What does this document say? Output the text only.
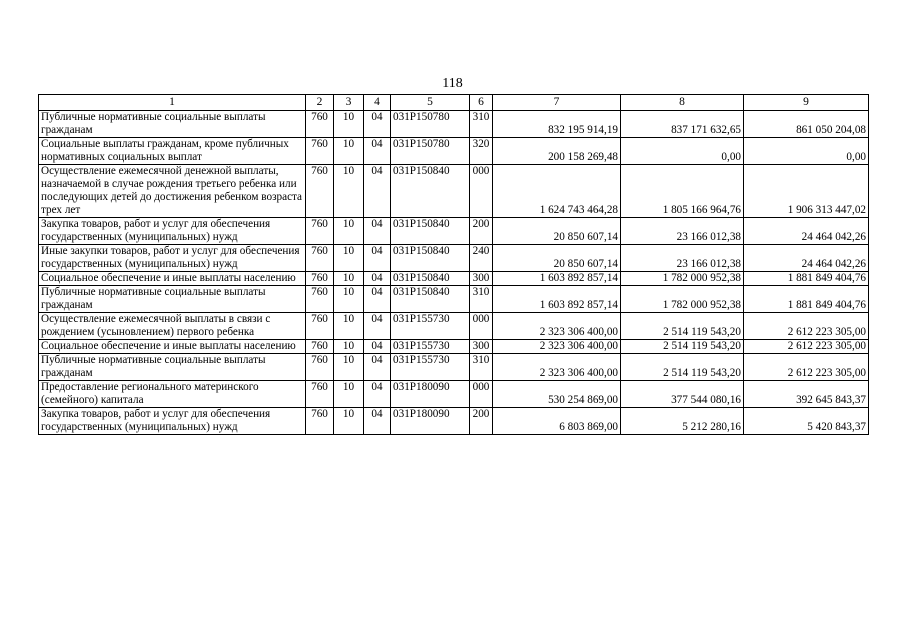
118
1	2	3	4	5	6	7	8	9
Публичные нормативные социальные выплаты гражданам	760	10	04	031Р150780	310	832 195 914,19	837 171 632,65	861 050 204,08
Социальные выплаты гражданам, кроме публичных нормативных социальных выплат	760	10	04	031Р150780	320	200 158 269,48	0,00	0,00
Осуществление ежемесячной денежной выплаты, назначаемой в случае рождения третьего ребенка или последующих детей до достижения ребенком возраста трех лет	760	10	04	031Р150840	000	1 624 743 464,28	1 805 166 964,76	1 906 313 447,02
Закупка товаров, работ и услуг для обеспечения государственных (муниципальных) нужд	760	10	04	031Р150840	200	20 850 607,14	23 166 012,38	24 464 042,26
Иные закупки товаров, работ и услуг для обеспечения государственных (муниципальных) нужд	760	10	04	031Р150840	240	20 850 607,14	23 166 012,38	24 464 042,26
Социальное обеспечение и иные выплаты населению	760	10	04	031Р150840	300	1 603 892 857,14	1 782 000 952,38	1 881 849 404,76
Публичные нормативные социальные выплаты гражданам	760	10	04	031Р150840	310	1 603 892 857,14	1 782 000 952,38	1 881 849 404,76
Осуществление ежемесячной выплаты в связи с рождением (усыновлением) первого ребенка	760	10	04	031Р155730	000	2 323 306 400,00	2 514 119 543,20	2 612 223 305,00
Социальное обеспечение и иные выплаты населению	760	10	04	031Р155730	300	2 323 306 400,00	2 514 119 543,20	2 612 223 305,00
Публичные нормативные социальные выплаты гражданам	760	10	04	031Р155730	310	2 323 306 400,00	2 514 119 543,20	2 612 223 305,00
Предоставление регионального материнского (семейного) капитала	760	10	04	031Р180090	000	530 254 869,00	377 544 080,16	392 645 843,37
Закупка товаров, работ и услуг для обеспечения государственных (муниципальных) нужд	760	10	04	031Р180090	200	6 803 869,00	5 212 280,16	5 420 843,37
